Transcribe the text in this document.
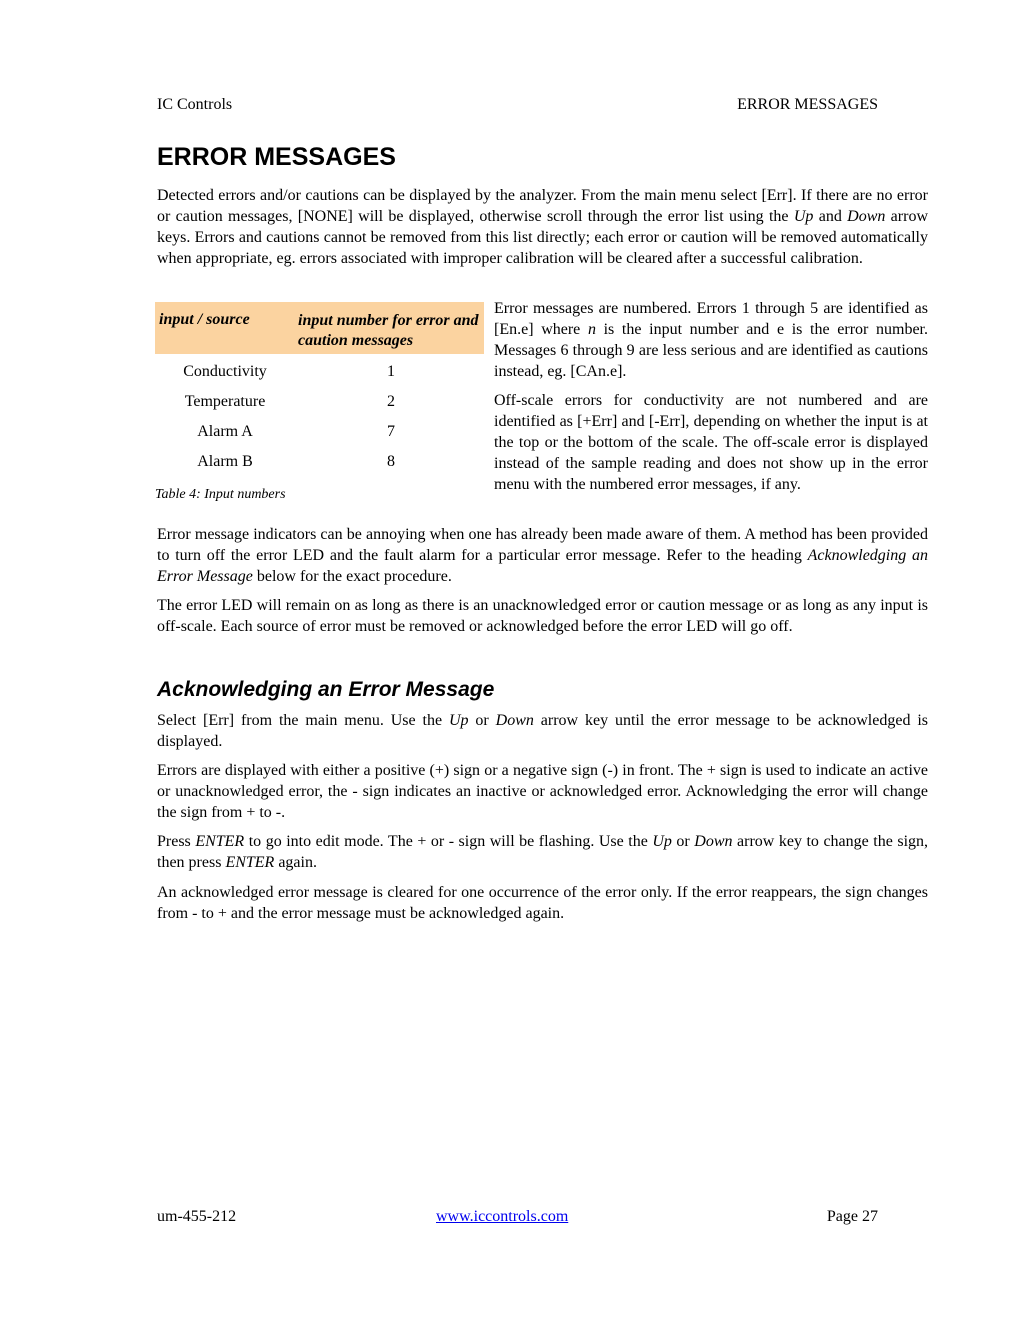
IC Controls	ERROR MESSAGES
ERROR MESSAGES

Detected errors and/or cautions can be displayed by the analyzer. From the main menu select [Err]. If there are no error or caution messages, [NONE] will be displayed, otherwise scroll through the error list using the Up and Down arrow keys. Errors and cautions cannot be removed from this list directly; each error or caution will be removed automatically when appropriate, eg. errors associated with improper calibration will be cleared after a successful calibration.

input / source	input number for error and caution messages
Conductivity	1
Temperature	2
Alarm A	7
Alarm B	8
Table 4: Input numbers

Error messages are numbered. Errors 1 through 5 are identified as [En.e] where n is the input number and e is the error number. Messages 6 through 9 are less serious and are identified as cautions instead, eg. [CAn.e].

Off-scale errors for conductivity are not numbered and are identified as [+Err] and [-Err], depending on whether the input is at the top or the bottom of the scale. The off-scale error is displayed instead of the sample reading and does not show up in the error menu with the numbered error messages, if any.

Error message indicators can be annoying when one has already been made aware of them. A method has been provided to turn off the error LED and the fault alarm for a particular error message. Refer to the heading Acknowledging an Error Message below for the exact procedure.

The error LED will remain on as long as there is an unacknowledged error or caution message or as long as any input is off-scale. Each source of error must be removed or acknowledged before the error LED will go off.

Acknowledging an Error Message

Select [Err] from the main menu. Use the Up or Down arrow key until the error message to be acknowledged is displayed.

Errors are displayed with either a positive (+) sign or a negative sign (-) in front. The + sign is used to indicate an active or unacknowledged error, the - sign indicates an inactive or acknowledged error. Acknowledging the error will change the sign from + to -.

Press ENTER to go into edit mode. The + or - sign will be flashing. Use the Up or Down arrow key to change the sign, then press ENTER again.

An acknowledged error message is cleared for one occurrence of the error only. If the error reappears, the sign changes from - to + and the error message must be acknowledged again.

um-455-212	www.iccontrols.com	Page 27
